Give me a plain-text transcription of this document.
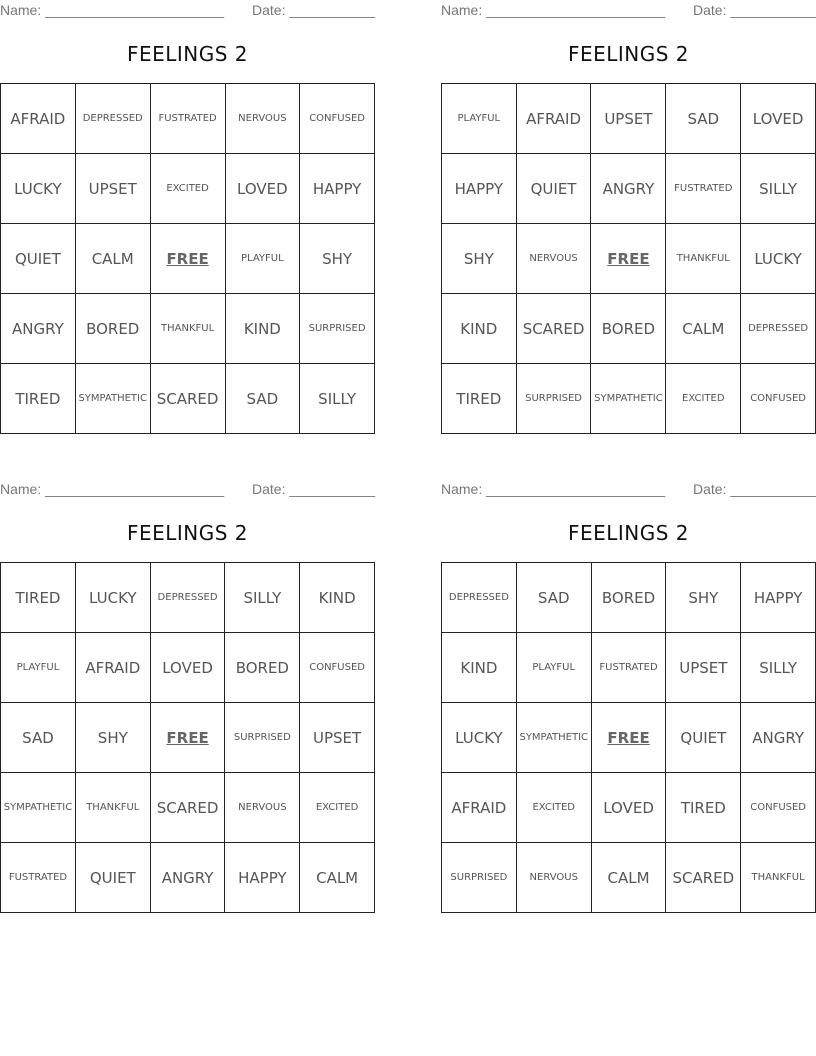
Name: _______________________ Date: ___________
FEELINGS 2
AFRAID	DEPRESSED	FUSTRATED	NERVOUS	CONFUSED
LUCKY	UPSET	EXCITED	LOVED	HAPPY
QUIET	CALM	FREE	PLAYFUL	SHY
ANGRY	BORED	THANKFUL	KIND	SURPRISED
TIRED	SYMPATHETIC	SCARED	SAD	SILLY
Name: _______________________ Date: ___________
FEELINGS 2
PLAYFUL	AFRAID	UPSET	SAD	LOVED
HAPPY	QUIET	ANGRY	FUSTRATED	SILLY
SHY	NERVOUS	FREE	THANKFUL	LUCKY
KIND	SCARED	BORED	CALM	DEPRESSED
TIRED	SURPRISED	SYMPATHETIC	EXCITED	CONFUSED
Name: _______________________ Date: ___________
FEELINGS 2
TIRED	LUCKY	DEPRESSED	SILLY	KIND
PLAYFUL	AFRAID	LOVED	BORED	CONFUSED
SAD	SHY	FREE	SURPRISED	UPSET
SYMPATHETIC	THANKFUL	SCARED	NERVOUS	EXCITED
FUSTRATED	QUIET	ANGRY	HAPPY	CALM
Name: _______________________ Date: ___________
FEELINGS 2
DEPRESSED	SAD	BORED	SHY	HAPPY
KIND	PLAYFUL	FUSTRATED	UPSET	SILLY
LUCKY	SYMPATHETIC	FREE	QUIET	ANGRY
AFRAID	EXCITED	LOVED	TIRED	CONFUSED
SURPRISED	NERVOUS	CALM	SCARED	THANKFUL
